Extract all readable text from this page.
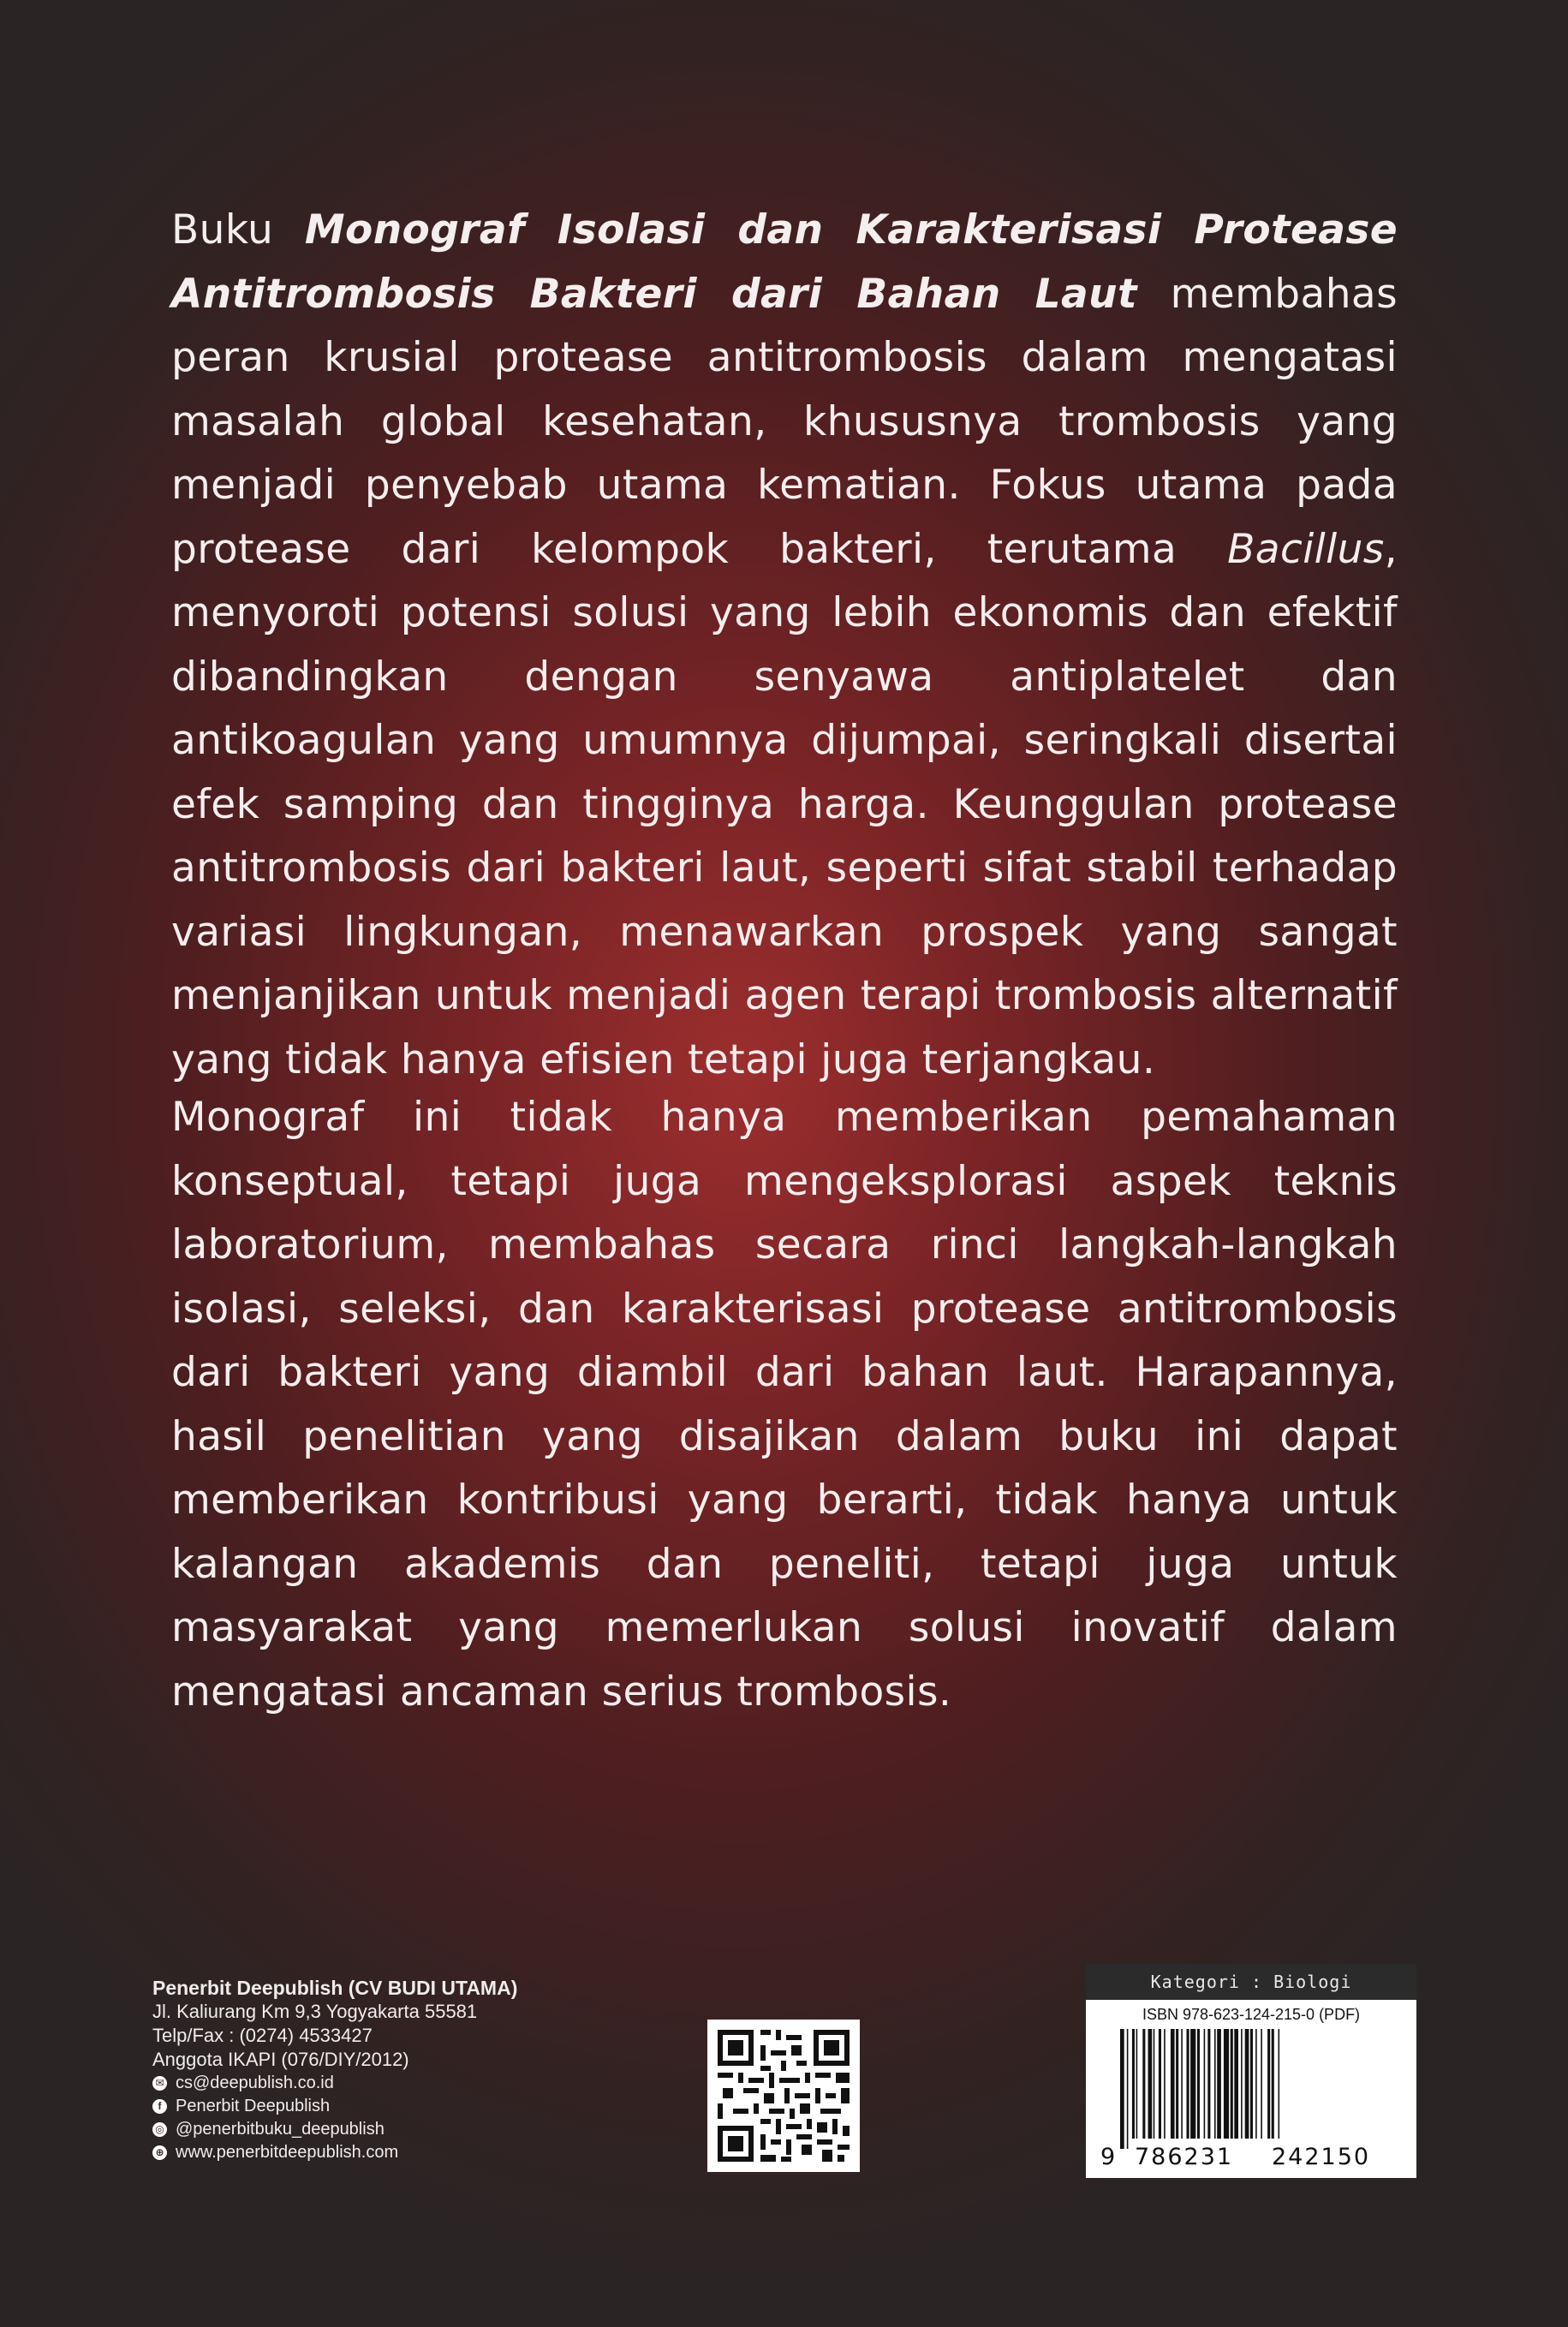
Buku Monograf Isolasi dan Karakterisasi Protease Antitrombosis Bakteri dari Bahan Laut membahas peran krusial protease antitrombosis dalam mengatasi masalah global kesehatan, khususnya trombosis yang menjadi penyebab utama kematian. Fokus utama pada protease dari kelompok bakteri, terutama Bacillus, menyoroti potensi solusi yang lebih ekonomis dan efektif dibandingkan dengan senyawa antiplatelet dan antikoagulan yang umumnya dijumpai, seringkali disertai efek samping dan tingginya harga. Keunggulan protease antitrombosis dari bakteri laut, seperti sifat stabil terhadap variasi lingkungan, menawarkan prospek yang sangat menjanjikan untuk menjadi agen terapi trombosis alternatif yang tidak hanya efisien tetapi juga terjangkau.

Monograf ini tidak hanya memberikan pemahaman konseptual, tetapi juga mengeksplorasi aspek teknis laboratorium, membahas secara rinci langkah-langkah isolasi, seleksi, dan karakterisasi protease antitrombosis dari bakteri yang diambil dari bahan laut. Harapannya, hasil penelitian yang disajikan dalam buku ini dapat memberikan kontribusi yang berarti, tidak hanya untuk kalangan akademis dan peneliti, tetapi juga untuk masyarakat yang memerlukan solusi inovatif dalam mengatasi ancaman serius trombosis.

Penerbit Deepublish (CV BUDI UTAMA)
Jl. Kaliurang Km 9,3 Yogyakarta 55581
Telp/Fax : (0274) 4533427
Anggota IKAPI (076/DIY/2012)
✉ cs@deepublish.co.id
f Penerbit Deepublish
◎ @penerbitbuku_deepublish
⊕ www.penerbitdeepublish.com
Kategori : Biologi
ISBN 978-623-124-215-0 (PDF)
9 786231 242150
